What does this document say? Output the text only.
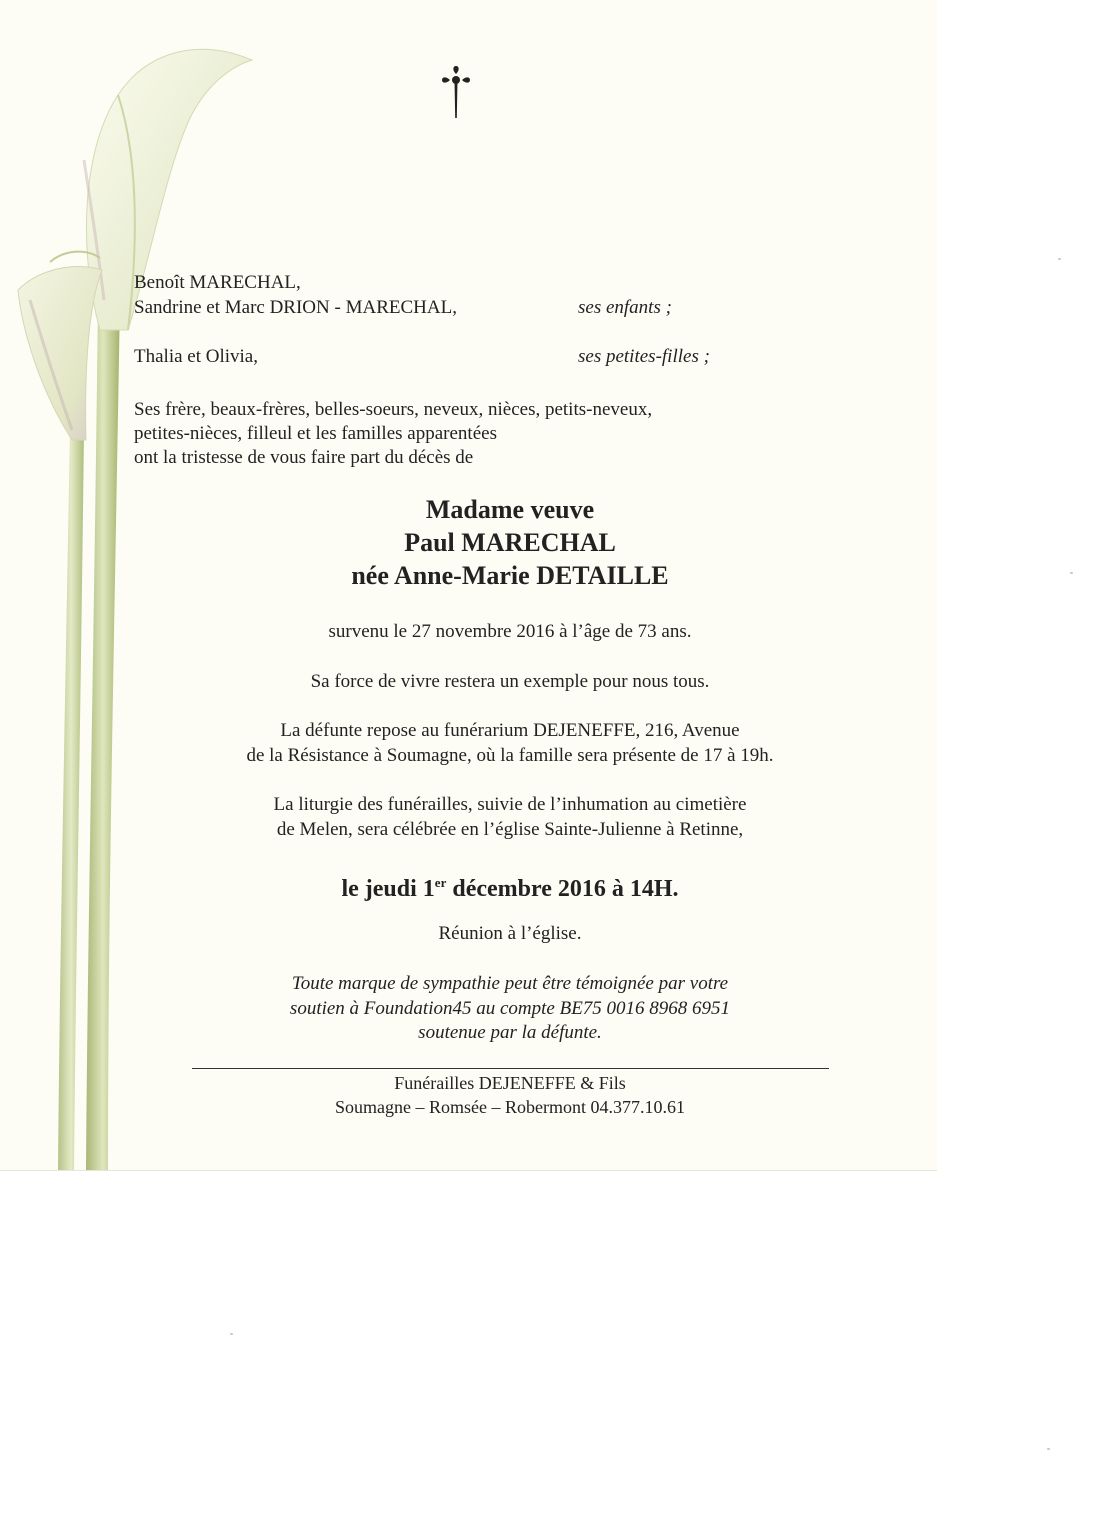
Benoît MARECHAL,
Sandrine et Marc DRION - MARECHAL,	ses enfants ;
Thalia et Olivia,	ses petites-filles ;
Ses frère, beaux-frères, belles-soeurs, neveux, nièces, petits-neveux,
petites-nièces, filleul et les familles apparentées
ont la tristesse de vous faire part du décès de
Madame veuve
Paul MARECHAL
née Anne-Marie DETAILLE
survenu le 27 novembre 2016 à l’âge de 73 ans.
Sa force de vivre restera un exemple pour nous tous.
La défunte repose au funérarium DEJENEFFE, 216, Avenue
de la Résistance à Soumagne, où la famille sera présente de 17 à 19h.
La liturgie des funérailles, suivie de l’inhumation au cimetière
de Melen, sera célébrée en l’église Sainte-Julienne à Retinne,
le jeudi 1er décembre 2016 à 14H.
Réunion à l’église.
Toute marque de sympathie peut être témoignée par votre
soutien à Foundation45 au compte BE75 0016 8968 6951
soutenue par la défunte.
Funérailles DEJENEFFE & Fils
Soumagne – Romsée – Robermont 04.377.10.61
